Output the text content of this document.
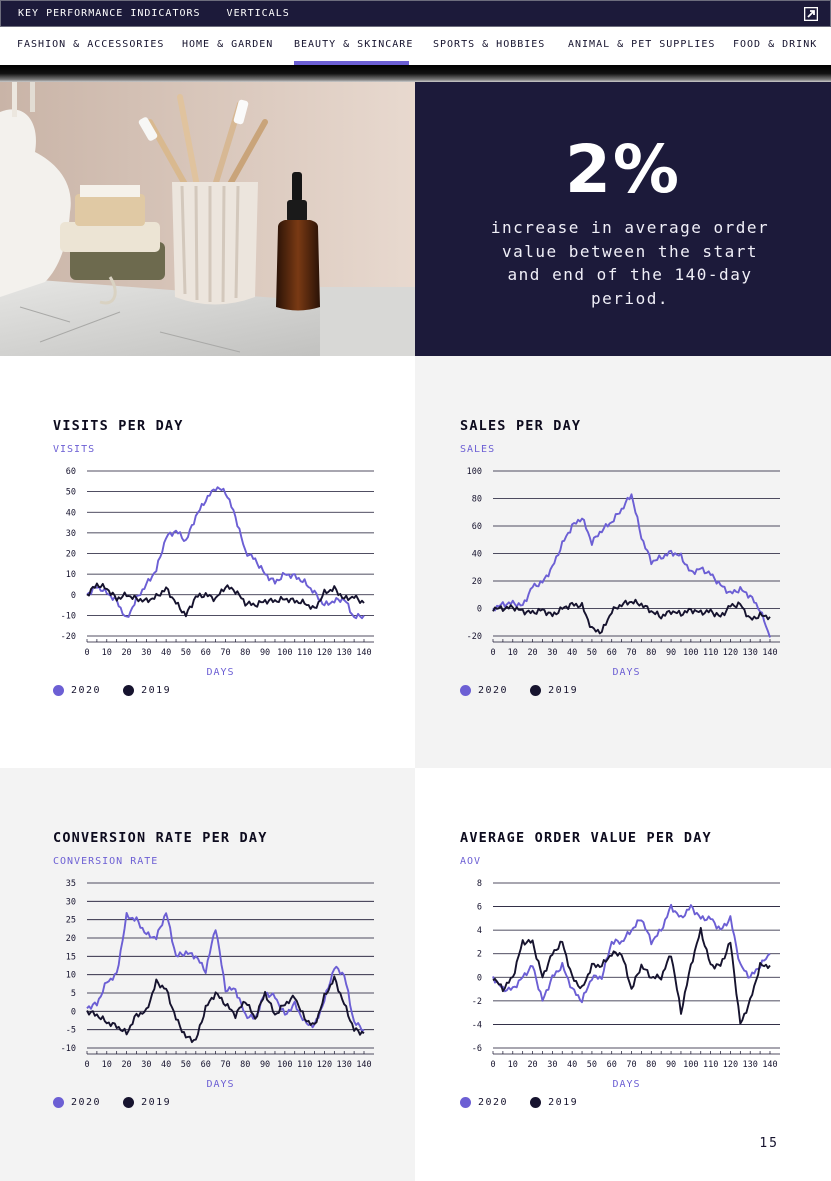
KEY PERFORMANCE INDICATORS	VERTICALS
FASHION & ACCESSORIES HOME & GARDEN BEAUTY & SKINCARE SPORTS & HOBBIES ANIMAL & PET SUPPLIES FOOD & DRINK
2%
increase in average order value between the start and end of the 140-day period.
VISITS PER DAY
VISITS
60
50
40
30
20
10
0
-10
-20
0 10 20 30 40 50 60 70 80 90 100 110 120 130 140
DAYS
2020	2019
SALES PER DAY
SALES
100
80
60
40
20
0
-20
0 10 20 30 40 50 60 70 80 90 100 110 120 130 140
DAYS
2020	2019
CONVERSION RATE PER DAY
CONVERSION RATE
35
30
25
20
15
10
5
0
-5
-10
0 10 20 30 40 50 60 70 80 90 100 110 120 130 140
DAYS
2020	2019
AVERAGE ORDER VALUE PER DAY
AOV
8
6
4
2
0
-2
-4
-6
0 10 20 30 40 50 60 70 80 90 100 110 120 130 140
DAYS
2020	2019
15
